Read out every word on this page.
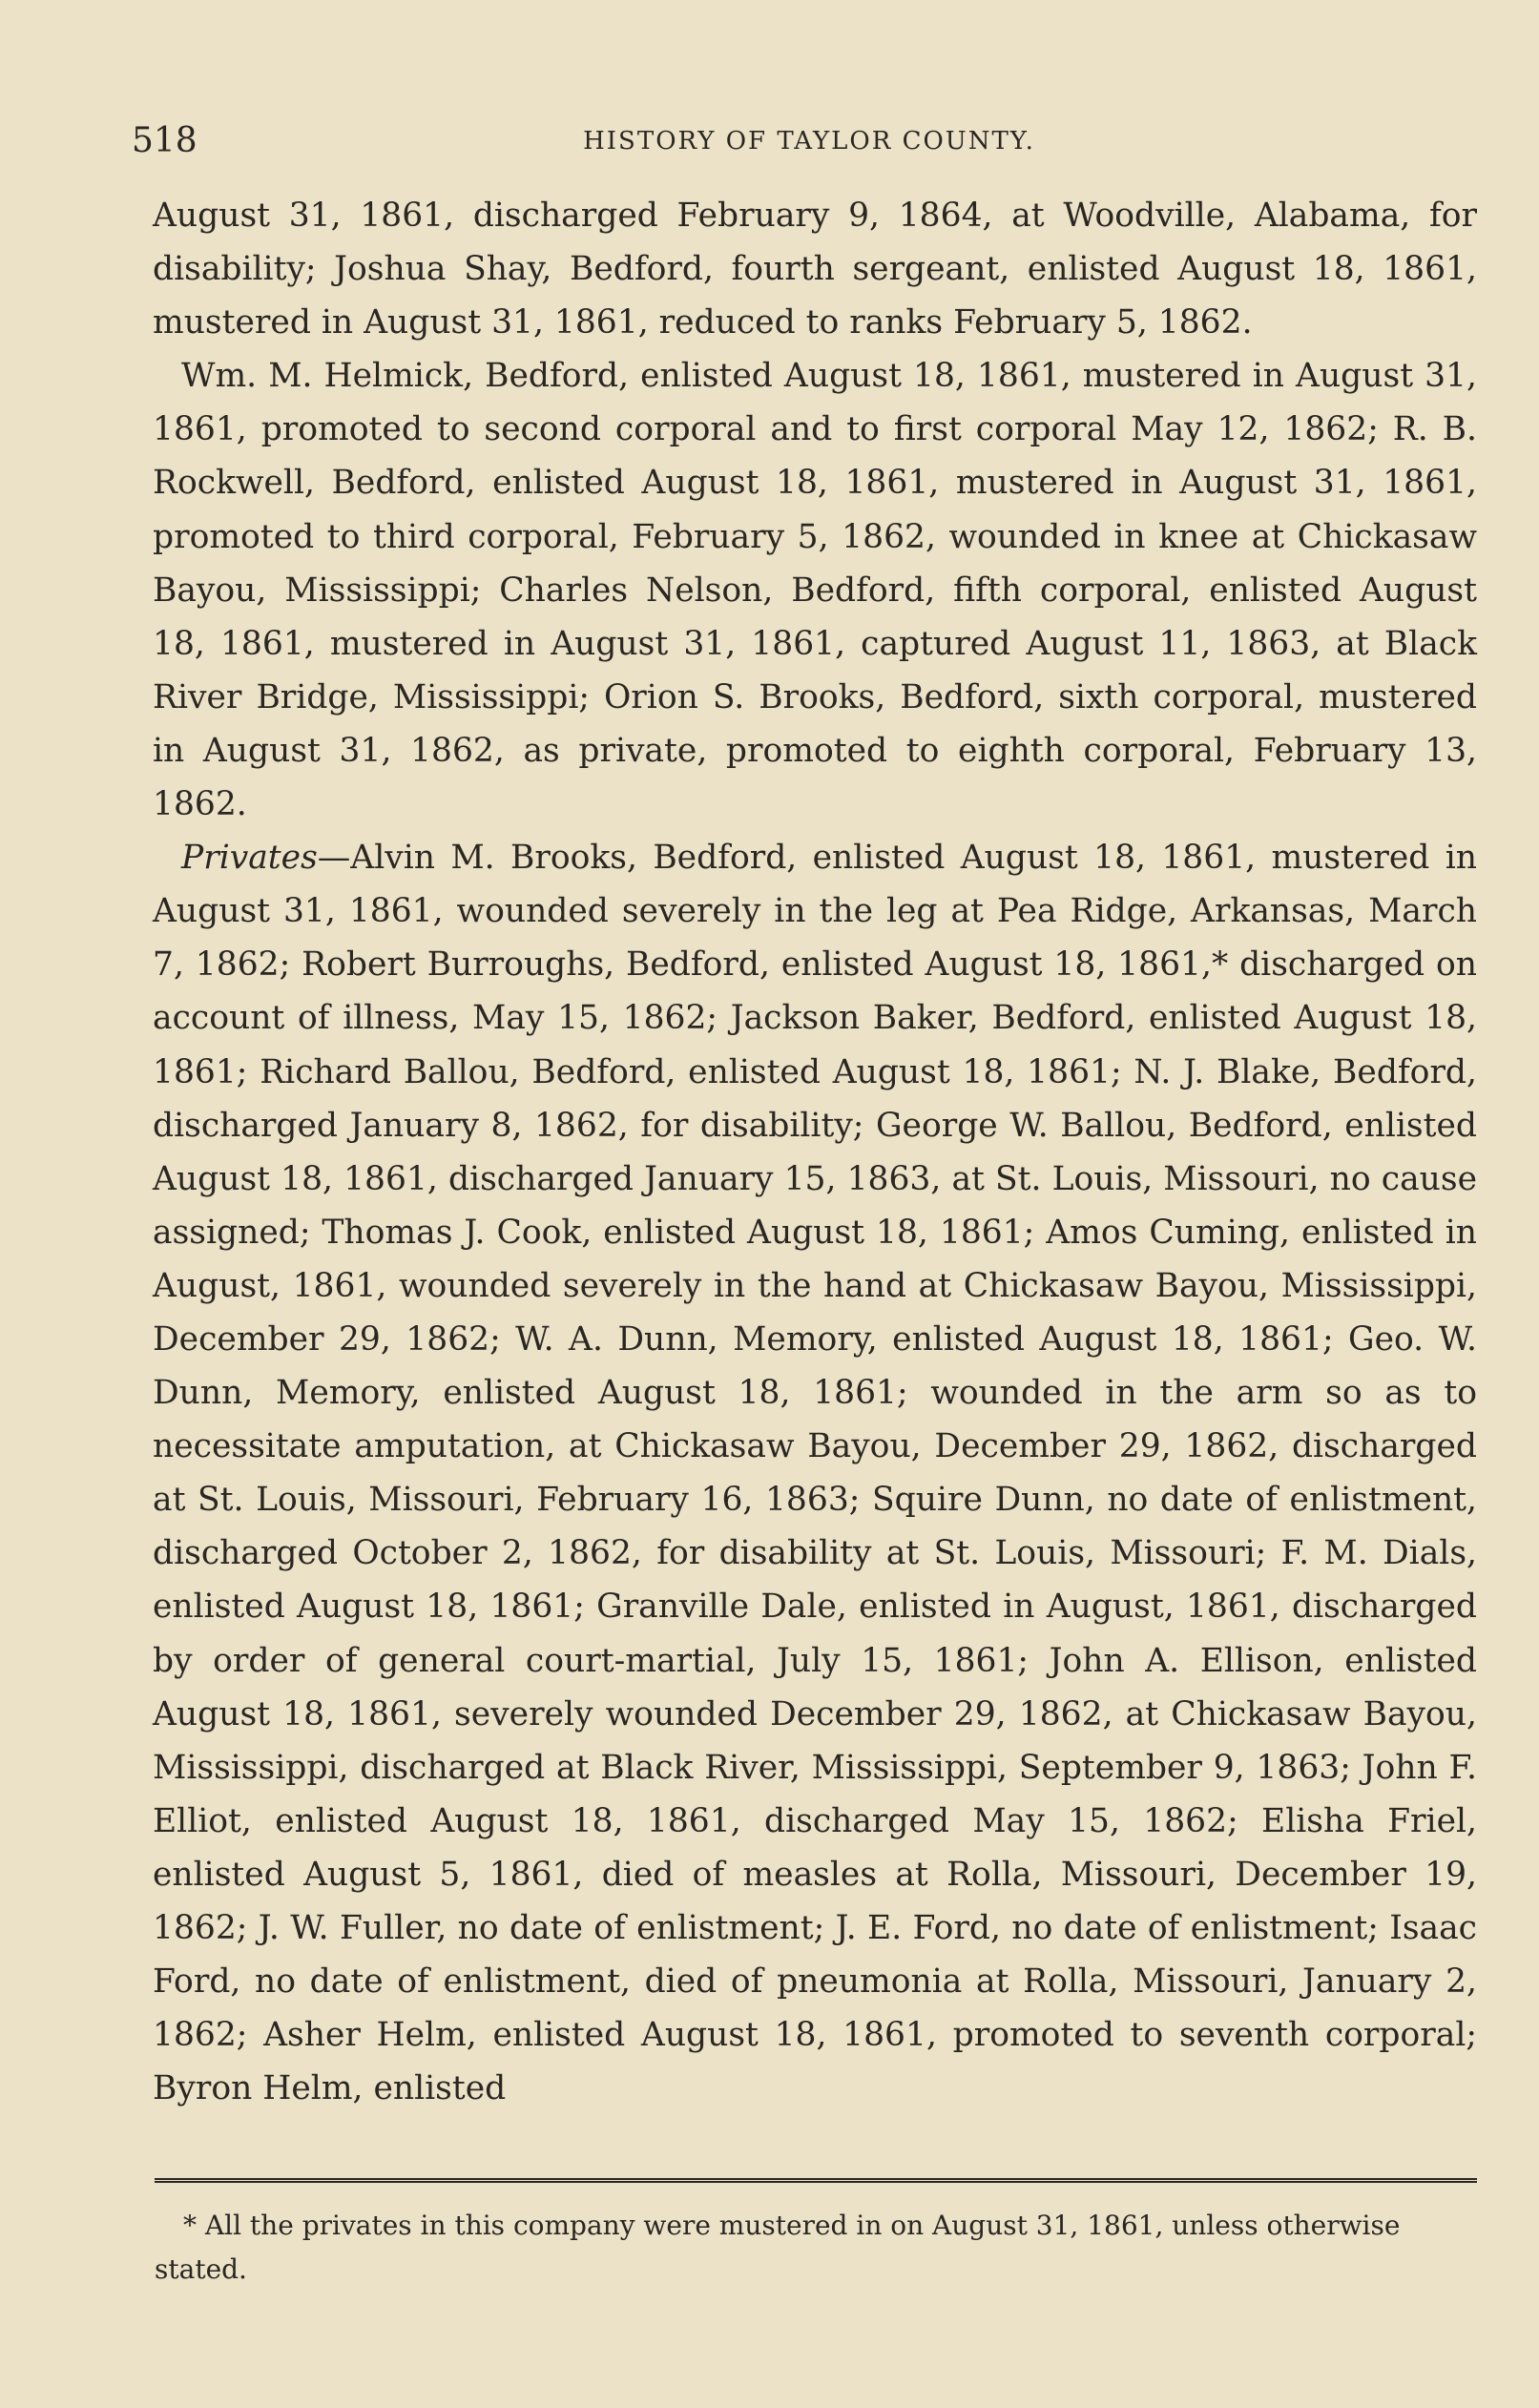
518	HISTORY OF TAYLOR COUNTY.

August 31, 1861, discharged February 9, 1864, at Woodville, Alabama, for disability; Joshua Shay, Bedford, fourth sergeant, enlisted August 18, 1861, mustered in August 31, 1861, reduced to ranks February 5, 1862.

Wm. M. Helmick, Bedford, enlisted August 18, 1861, mustered in August 31, 1861, promoted to second corporal and to first corporal May 12, 1862; R. B. Rockwell, Bedford, enlisted August 18, 1861, mustered in August 31, 1861, promoted to third corporal, February 5, 1862, wounded in knee at Chickasaw Bayou, Mississippi; Charles Nelson, Bedford, fifth corporal, enlisted August 18, 1861, mustered in August 31, 1861, captured August 11, 1863, at Black River Bridge, Mississippi; Orion S. Brooks, Bedford, sixth corporal, mustered in August 31, 1862, as private, promoted to eighth corporal, February 13, 1862.

Privates—Alvin M. Brooks, Bedford, enlisted August 18, 1861, mustered in August 31, 1861, wounded severely in the leg at Pea Ridge, Arkansas, March 7, 1862; Robert Burroughs, Bedford, enlisted August 18, 1861,* discharged on account of illness, May 15, 1862; Jackson Baker, Bedford, enlisted August 18, 1861; Richard Ballou, Bedford, enlisted August 18, 1861; N. J. Blake, Bedford, discharged January 8, 1862, for disability; George W. Ballou, Bedford, enlisted August 18, 1861, discharged January 15, 1863, at St. Louis, Missouri, no cause assigned; Thomas J. Cook, enlisted August 18, 1861; Amos Cuming, enlisted in August, 1861, wounded severely in the hand at Chickasaw Bayou, Mississippi, December 29, 1862; W. A. Dunn, Memory, enlisted August 18, 1861; Geo. W. Dunn, Memory, enlisted August 18, 1861; wounded in the arm so as to necessitate amputation, at Chickasaw Bayou, December 29, 1862, discharged at St. Louis, Missouri, February 16, 1863; Squire Dunn, no date of enlistment, discharged October 2, 1862, for disability at St. Louis, Missouri; F. M. Dials, enlisted August 18, 1861; Granville Dale, enlisted in August, 1861, discharged by order of general court-martial, July 15, 1861; John A. Ellison, enlisted August 18, 1861, severely wounded December 29, 1862, at Chickasaw Bayou, Mississippi, discharged at Black River, Mississippi, September 9, 1863; John F. Elliot, enlisted August 18, 1861, discharged May 15, 1862; Elisha Friel, enlisted August 5, 1861, died of measles at Rolla, Missouri, December 19, 1862; J. W. Fuller, no date of enlistment; J. E. Ford, no date of enlistment; Isaac Ford, no date of enlistment, died of pneumonia at Rolla, Missouri, January 2, 1862; Asher Helm, enlisted August 18, 1861, promoted to seventh corporal; Byron Helm, enlisted

* All the privates in this company were mustered in on August 31, 1861, unless otherwise stated.
